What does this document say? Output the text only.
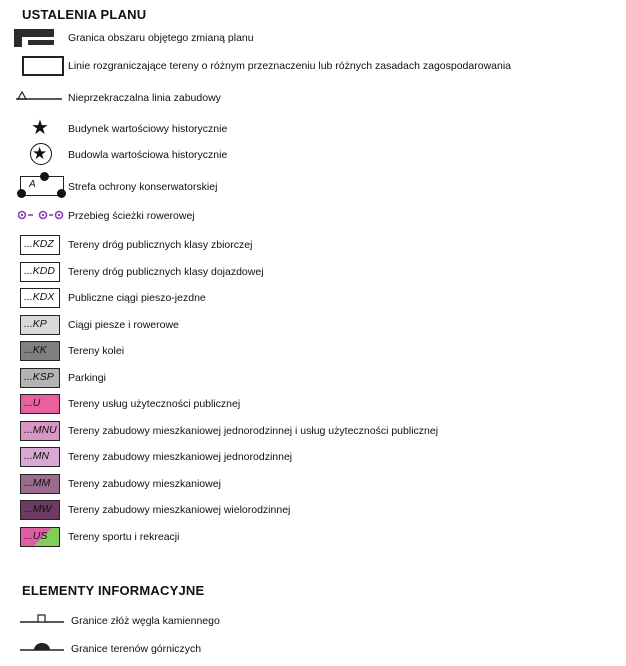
USTALENIA PLANU
Granica obszaru objętego zmianą planu
Linie rozgraniczające tereny o różnym przeznaczeniu lub różnych zasadach zagospodarowania
Nieprzekraczalna linia zabudowy
★ Budynek wartościowy historycznie
★ Budowla wartościowa historycznie
A	Strefa ochrony konserwatorskiej
Przebieg ścieżki rowerowej
...KDZ	Tereny dróg publicznych klasy zbiorczej
...KDD	Tereny dróg publicznych klasy dojazdowej
...KDX	Publiczne ciągi pieszo-jezdne
...KP	Ciągi piesze i rowerowe
...KK	Tereny kolei
...KSP	Parkingi
...U	Tereny usług użyteczności publicznej
...MNU	Tereny zabudowy mieszkaniowej jednorodzinnej i usług użyteczności publicznej
...MN	Tereny zabudowy mieszkaniowej jednorodzinnej
...MM	Tereny zabudowy mieszkaniowej
...MW	Tereny zabudowy mieszkaniowej wielorodzinnej
...US	Tereny sportu i rekreacji
ELEMENTY INFORMACYJNE
Granice złóż węgla kamiennego
Granice terenów górniczych
